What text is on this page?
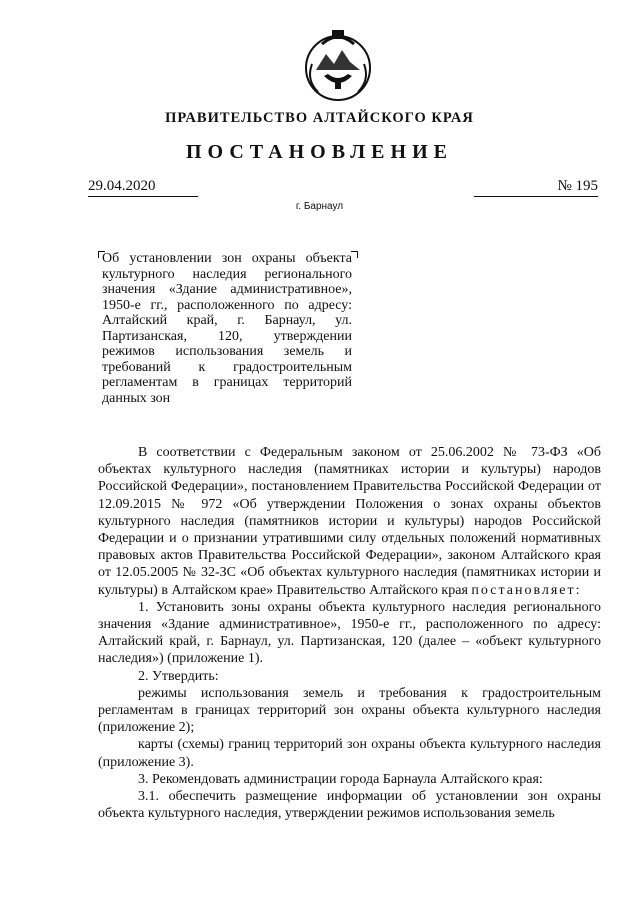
ПРАВИТЕЛЬСТВО АЛТАЙСКОГО КРАЯ
ПОСТАНОВЛЕНИЕ
29.04.2020	№ 195
г. Барнаул
Об установлении зон охраны объекта культурного наследия регионального значения «Здание административное», 1950-е гг., расположенного по адресу: Алтайский край, г. Барнаул, ул. Партизанская, 120, утверждении режимов использования земель и требований к градостроительным регламентам в границах территорий данных зон

В соответствии с Федеральным законом от 25.06.2002 № 73-ФЗ «Об объектах культурного наследия (памятниках истории и культуры) народов Российской Федерации», постановлением Правительства Российской Федерации от 12.09.2015 № 972 «Об утверждении Положения о зонах охраны объектов культурного наследия (памятников истории и культуры) народов Российской Федерации и о признании утратившими силу отдельных положений нормативных правовых актов Правительства Российской Федерации», законом Алтайского края от 12.05.2005 № 32-ЗС «Об объектах культурного наследия (памятниках истории и культуры) в Алтайском крае» Правительство Алтайского края постановляет:

1. Установить зоны охраны объекта культурного наследия регионального значения «Здание административное», 1950-е гг., расположенного по адресу: Алтайский край, г. Барнаул, ул. Партизанская, 120 (далее – «объект культурного наследия») (приложение 1).

2. Утвердить:

режимы использования земель и требования к градостроительным регламентам в границах территорий зон охраны объекта культурного наследия (приложение 2);

карты (схемы) границ территорий зон охраны объекта культурного наследия (приложение 3).

3. Рекомендовать администрации города Барнаула Алтайского края:

3.1. обеспечить размещение информации об установлении зон охраны объекта культурного наследия, утверждении режимов использования земель
